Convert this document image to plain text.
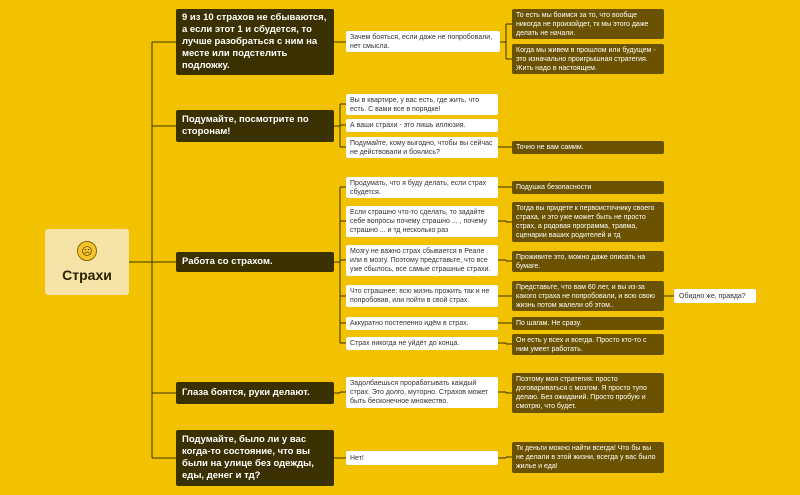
☹
Страхи
9 из 10 страхов не сбываются, а если этот 1 и сбудется, то лучше разобраться с ним на месте или подстелить подложку.
Подумайте, посмотрите по сторонам!
Работа со страхом.
Глаза боятся, руки делают.
Подумайте, было ли у вас когда-то состояние, что вы были на улице без одежды, еды, денег и тд?
Зачем бояться, если даже не попробовали, нет смысла.
Вы в квартире, у вас есть, где жить, что есть. С вами все в порядке!
А ваши страхи - это лишь иллюзия.
Подумайте, кому выгодно, чтобы вы сейчас не действовали и боялись?
Продумать, что я буду делать, если страх сбудется.
Если страшно что-то сделать, то задайте себе вопросы почему страшно ... , почему страшно ... и тд несколько раз
Мозгу не важно страх сбывается в Реале или в мозгу. Поэтому представьте, что все уже сбылось, все самые страшные страхи.
Что страшнее: всю жизнь прожить так и не попробовав, или пойти в свой страх.
Аккуратно постепенно идём в страх.
Страх никогда не уйдёт до конца.
Задолбаешься прорабатывать каждый страх. Это долго, муторно. Страхов может быть бесконечное множество.
Нет!
То есть мы боимся за то, что вообще никогда не произойдет, тк мы этого даже делать не начали.
Когда мы живем в прошлом или будущем - это изначально проигрышная стратегия. Жить надо в настоящем.
Точно не вам самим.
Подушка безопасности
Тогда вы придете к первоисточнику своего страха, и это уже может быть не просто страх, а родовая программа, травма, сценарии ваших родителей и тд
Проживите это, можно даже описать на бумаге.
Представьте, что вам 60 лет, и вы из-за какого страха не попробовали, и всю свою жизнь потом жалели об этом..
По шагам. Не сразу.
Он есть у всех и всегда. Просто кто-то с ним умеет работать.
Поэтому моя стратегия: просто договариваться с мозгом. Я просто тупо делаю. Без ожиданий. Просто пробую и смотрю, что будет.
Тк деньги можно найти всегда! Что бы вы не делали в этой жизни, всегда у вас было жилье и еда!
Обидно же, правда?
